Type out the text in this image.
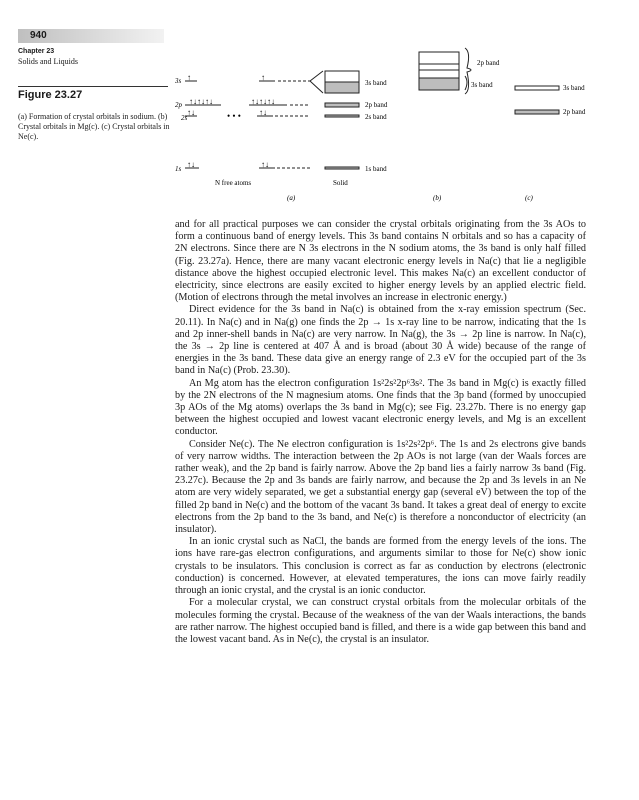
940
Chapter 23
Solids and Liquids
Figure 23.27
(a) Formation of crystal orbitals in sodium. (b) Crystal orbitals in Mg(c). (c) Crystal orbitals in Ne(c).
3s
2p
2s
1s
• • •
↑	↑
↑↓↑↓↑↓	↑↓↑↓↑↓
↑↓	↑↓
↑↓	↑↓
3s band
2p band
2s band
1s band
N free atoms	Solid
(a)
2p band
3s band
(b)
3s band
2p band
(c)

and for all practical purposes we can consider the crystal orbitals originating from the 3s AOs to form a continuous band of energy levels. This 3s band contains N orbitals and so has a capacity of 2N electrons. Since there are N 3s electrons in the N sodium atoms, the 3s band is only half filled (Fig. 23.27a). Hence, there are many vacant electronic energy levels in Na(c) that lie a negligible distance above the highest occupied electronic level. This makes Na(c) an excellent conductor of electricity, since electrons are easily excited to higher energy levels by an applied electric field. (Motion of electrons through the metal involves an increase in electronic energy.)

Direct evidence for the 3s band in Na(c) is obtained from the x-ray emission spectrum (Sec. 20.11). In Na(c) and in Na(g) one finds the 2p → 1s x-ray line to be narrow, indicating that the 1s and 2p inner-shell bands in Na(c) are very narrow. In Na(g), the 3s → 2p line is narrow. In Na(c), the 3s → 2p line is centered at 407 Å and is broad (about 30 Å wide) because of the range of energies in the 3s band. These data give an energy range of 2.3 eV for the occupied part of the 3s band in Na(c) (Prob. 23.30).

An Mg atom has the electron configuration 1s²2s²2p⁶3s². The 3s band in Mg(c) is exactly filled by the 2N electrons of the N magnesium atoms. One finds that the 3p band (formed by unoccupied 3p AOs of the Mg atoms) overlaps the 3s band in Mg(c); see Fig. 23.27b. There is no energy gap between the highest occupied and lowest vacant electronic energy levels, and Mg is an excellent conductor.

Consider Ne(c). The Ne electron configuration is 1s²2s²2p⁶. The 1s and 2s electrons give bands of very narrow widths. The interaction between the 2p AOs is not large (van der Waals forces are rather weak), and the 2p band is fairly narrow. Above the 2p band lies a fairly narrow 3s band (Fig. 23.27c). Because the 2p and 3s bands are fairly narrow, and because the 2p and 3s levels in an Ne atom are very widely separated, we get a substantial energy gap (several eV) between the top of the filled 2p band in Ne(c) and the bottom of the vacant 3s band. It takes a great deal of energy to excite electrons from the 2p band to the 3s band, and Ne(c) is therefore a nonconductor of electricity (an insulator).

In an ionic crystal such as NaCl, the bands are formed from the energy levels of the ions. The ions have rare-gas electron configurations, and arguments similar to those for Ne(c) show ionic crystals to be insulators. This conclusion is correct as far as conduction by electrons (electronic conduction) is concerned. However, at elevated temperatures, the ions can move fairly readily through an ionic crystal, and the crystal is an ionic conductor.

For a molecular crystal, we can construct crystal orbitals from the molecular orbitals of the molecules forming the crystal. Because of the weakness of the van der Waals interactions, the bands are rather narrow. The highest occupied band is filled, and there is a wide gap between this band and the lowest vacant band. As in Ne(c), the crystal is an insulator.
